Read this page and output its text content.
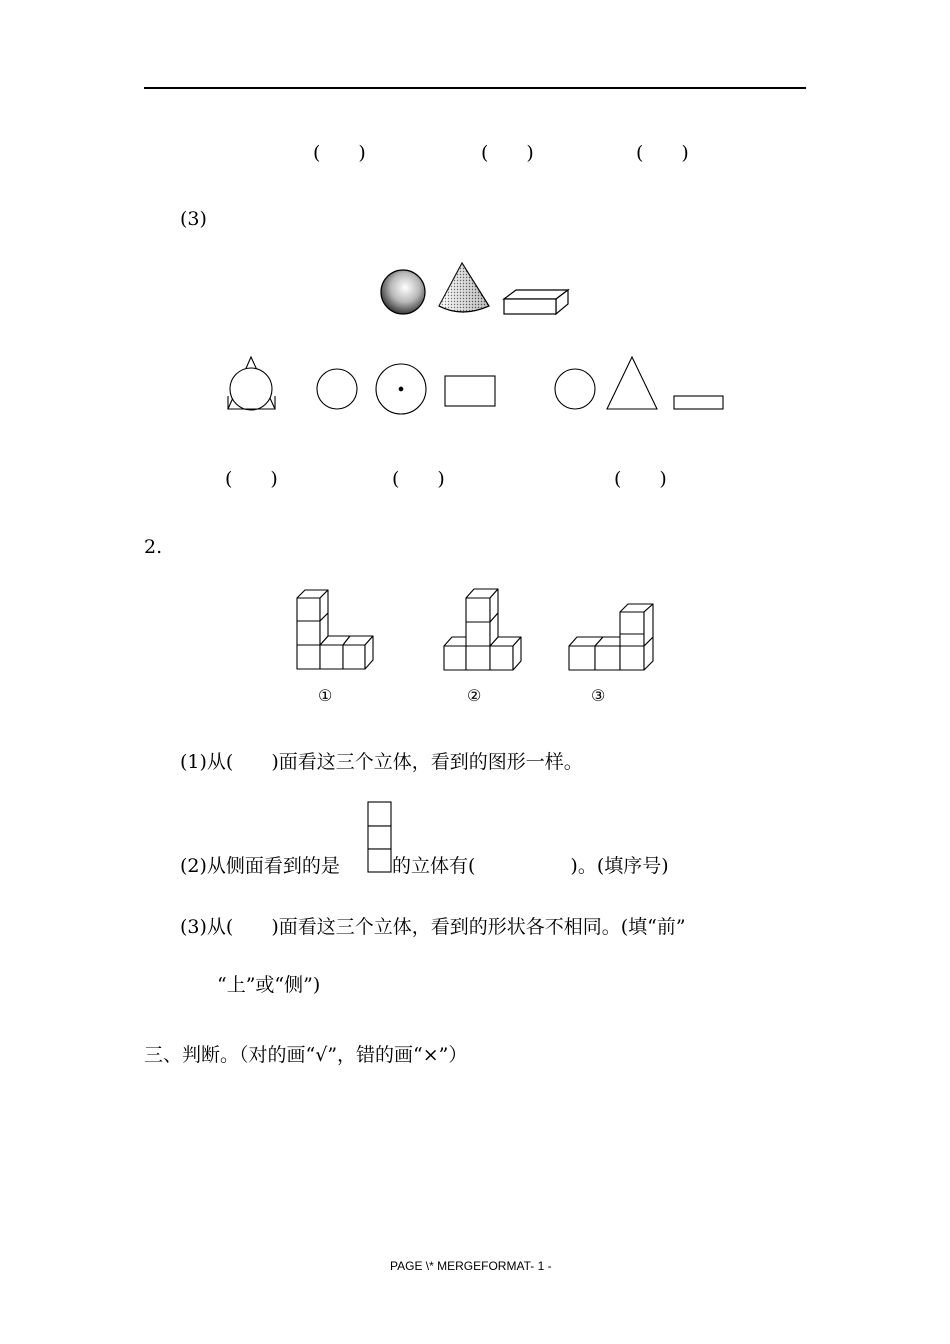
(　　)	(　　)	(　　)
(3)
(　　)	(　　)	(　　)
2.
①	②	③
(1)从(　　)面看这三个立体，看到的图形一样。
(2)从侧面看到的是	的立体有(　　　　　)。(填序号)
(3)从(　　)面看这三个立体，看到的形状各不相同。(填“前”
“上”或“侧”)
三、判断。（对的画“√”，错的画“×”）
PAGE \* MERGEFORMAT- 1 -
